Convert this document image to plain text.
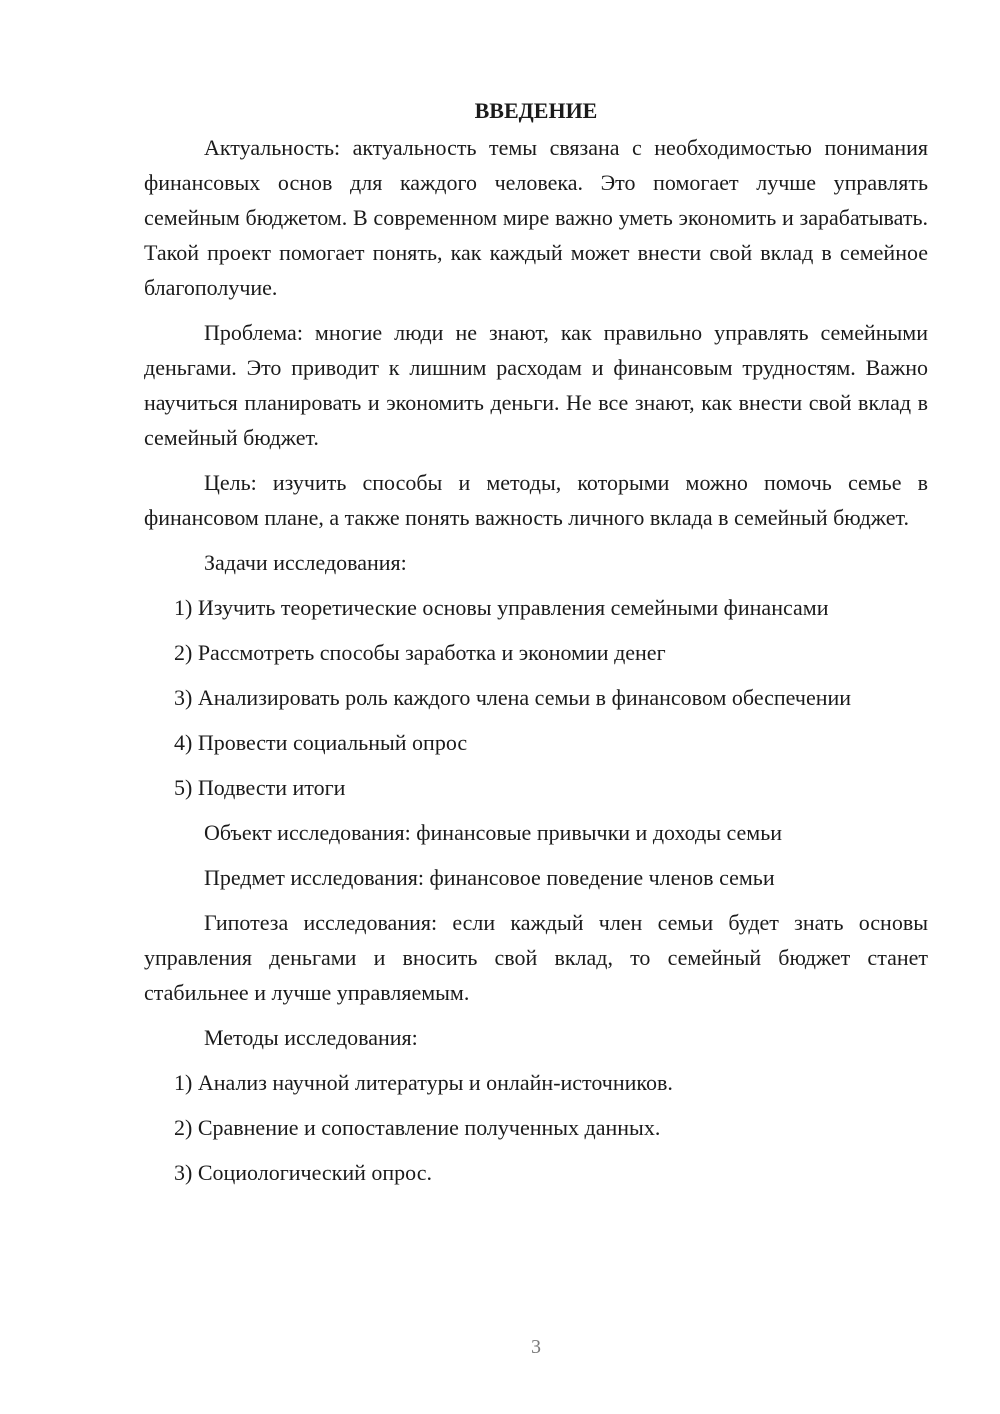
ВВЕДЕНИЕ

Актуальность: актуальность темы связана с необходимостью понимания финансовых основ для каждого человека. Это помогает лучше управлять семейным бюджетом. В современном мире важно уметь экономить и зарабатывать. Такой проект помогает понять, как каждый может внести свой вклад в семейное благополучие.

Проблема: многие люди не знают, как правильно управлять семейными деньгами. Это приводит к лишним расходам и финансовым трудностям. Важно научиться планировать и экономить деньги. Не все знают, как внести свой вклад в семейный бюджет.

Цель: изучить способы и методы, которыми можно помочь семье в финансовом плане, а также понять важность личного вклада в семейный бюджет.

Задачи исследования:

1) Изучить теоретические основы управления семейными финансами

2) Рассмотреть способы заработка и экономии денег

3) Анализировать роль каждого члена семьи в финансовом обеспечении

4) Провести социальный опрос

5) Подвести итоги

Объект исследования: финансовые привычки и доходы семьи

Предмет исследования: финансовое поведение членов семьи

Гипотеза исследования: если каждый член семьи будет знать основы управления деньгами и вносить свой вклад, то семейный бюджет станет стабильнее и лучше управляемым.

Методы исследования:

1) Анализ научной литературы и онлайн-источников.

2) Сравнение и сопоставление полученных данных.

3) Социологический опрос.

3
